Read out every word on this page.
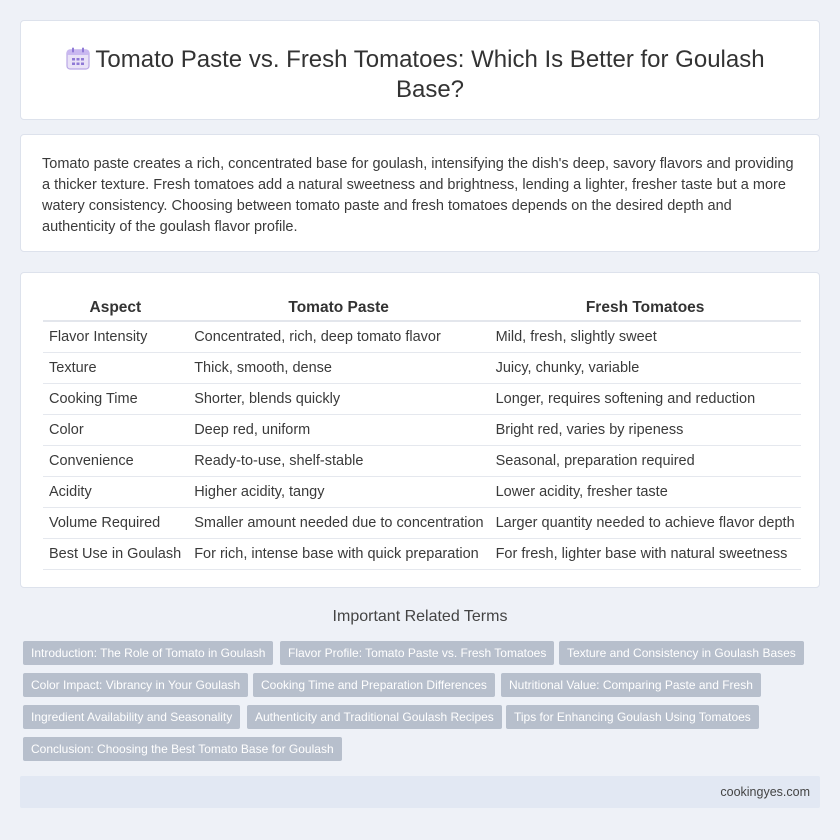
Tomato Paste vs. Fresh Tomatoes: Which Is Better for Goulash
Base?

Tomato paste creates a rich, concentrated base for goulash, intensifying the dish's deep, savory flavors and providing a thicker texture. Fresh tomatoes add a natural sweetness and brightness, lending a lighter, fresher taste but a more watery consistency. Choosing between tomato paste and fresh tomatoes depends on the desired depth and authenticity of the goulash flavor profile.

Aspect	Tomato Paste	Fresh Tomatoes
Flavor Intensity	Concentrated, rich, deep tomato flavor	Mild, fresh, slightly sweet
Texture	Thick, smooth, dense	Juicy, chunky, variable
Cooking Time	Shorter, blends quickly	Longer, requires softening and reduction
Color	Deep red, uniform	Bright red, varies by ripeness
Convenience	Ready-to-use, shelf-stable	Seasonal, preparation required
Acidity	Higher acidity, tangy	Lower acidity, fresher taste
Volume Required	Smaller amount needed due to concentration	Larger quantity needed to achieve flavor depth
Best Use in Goulash	For rich, intense base with quick preparation	For fresh, lighter base with natural sweetness
Important Related Terms
Introduction: The Role of Tomato in Goulash	Flavor Profile: Tomato Paste vs. Fresh Tomatoes	Texture and Consistency in Goulash Bases
Color Impact: Vibrancy in Your Goulash	Cooking Time and Preparation Differences	Nutritional Value: Comparing Paste and Fresh
Ingredient Availability and Seasonality	Authenticity and Traditional Goulash Recipes	Tips for Enhancing Goulash Using Tomatoes
Conclusion: Choosing the Best Tomato Base for Goulash
cookingyes.com
